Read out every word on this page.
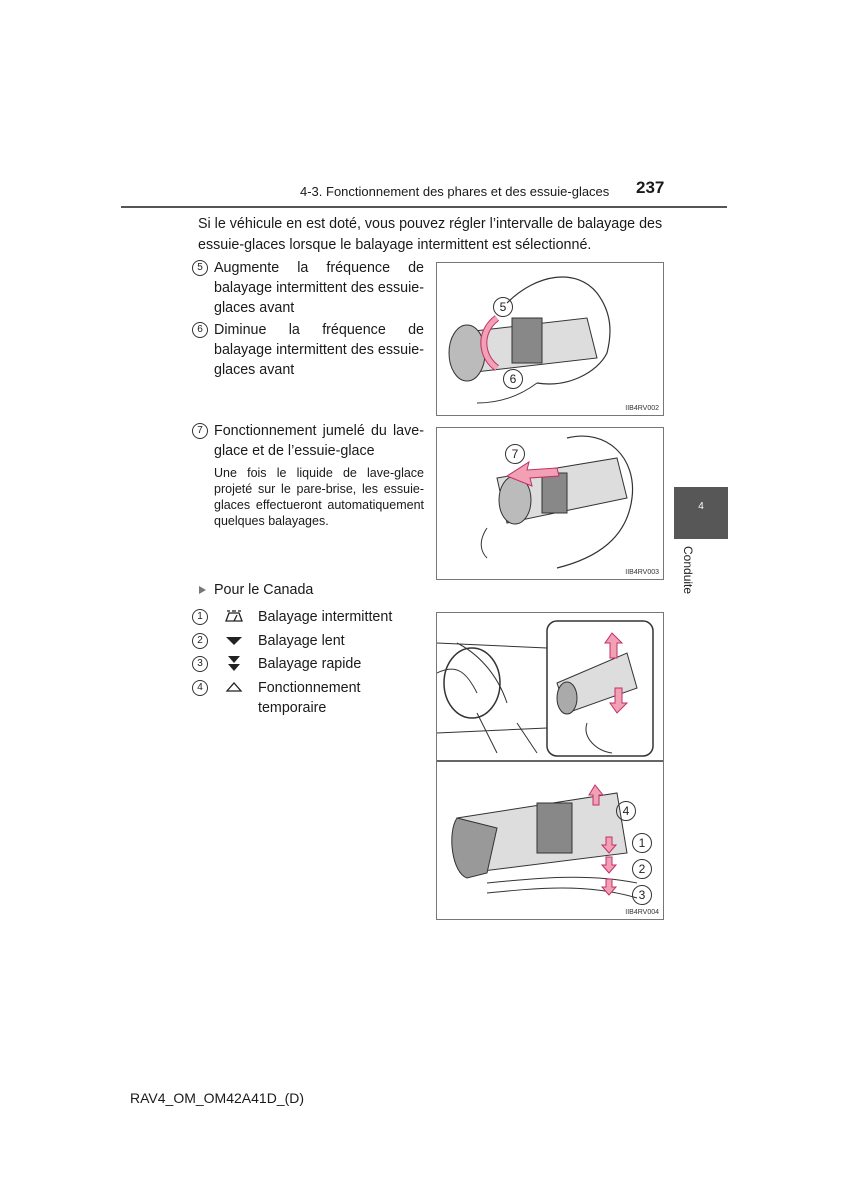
4-3. Fonctionnement des phares et des essuie-glaces 237
Si le véhicule en est doté, vous pouvez régler l’intervalle de balayage des essuie-glaces lorsque le balayage intermittent est sélectionné.
5 Augmente la fréquence de balayage intermittent des essuie-glaces avant
6 Diminue la fréquence de balayage intermittent des essuie-glaces avant
7 Fonctionnement jumelé du lave-glace et de l’essuie-glace
Une fois le liquide de lave-glace projeté sur le pare-brise, les essuie-glaces effectueront automatiquement quelques balayages.
5
6
IIB4RV002
7
IIB4RV003
4
Conduite
Pour le Canada
1	Balayage intermittent
2	Balayage lent
3	Balayage rapide
4	Fonctionnement temporaire
4
1
2
3
IIB4RV004
RAV4_OM_OM42A41D_(D)
